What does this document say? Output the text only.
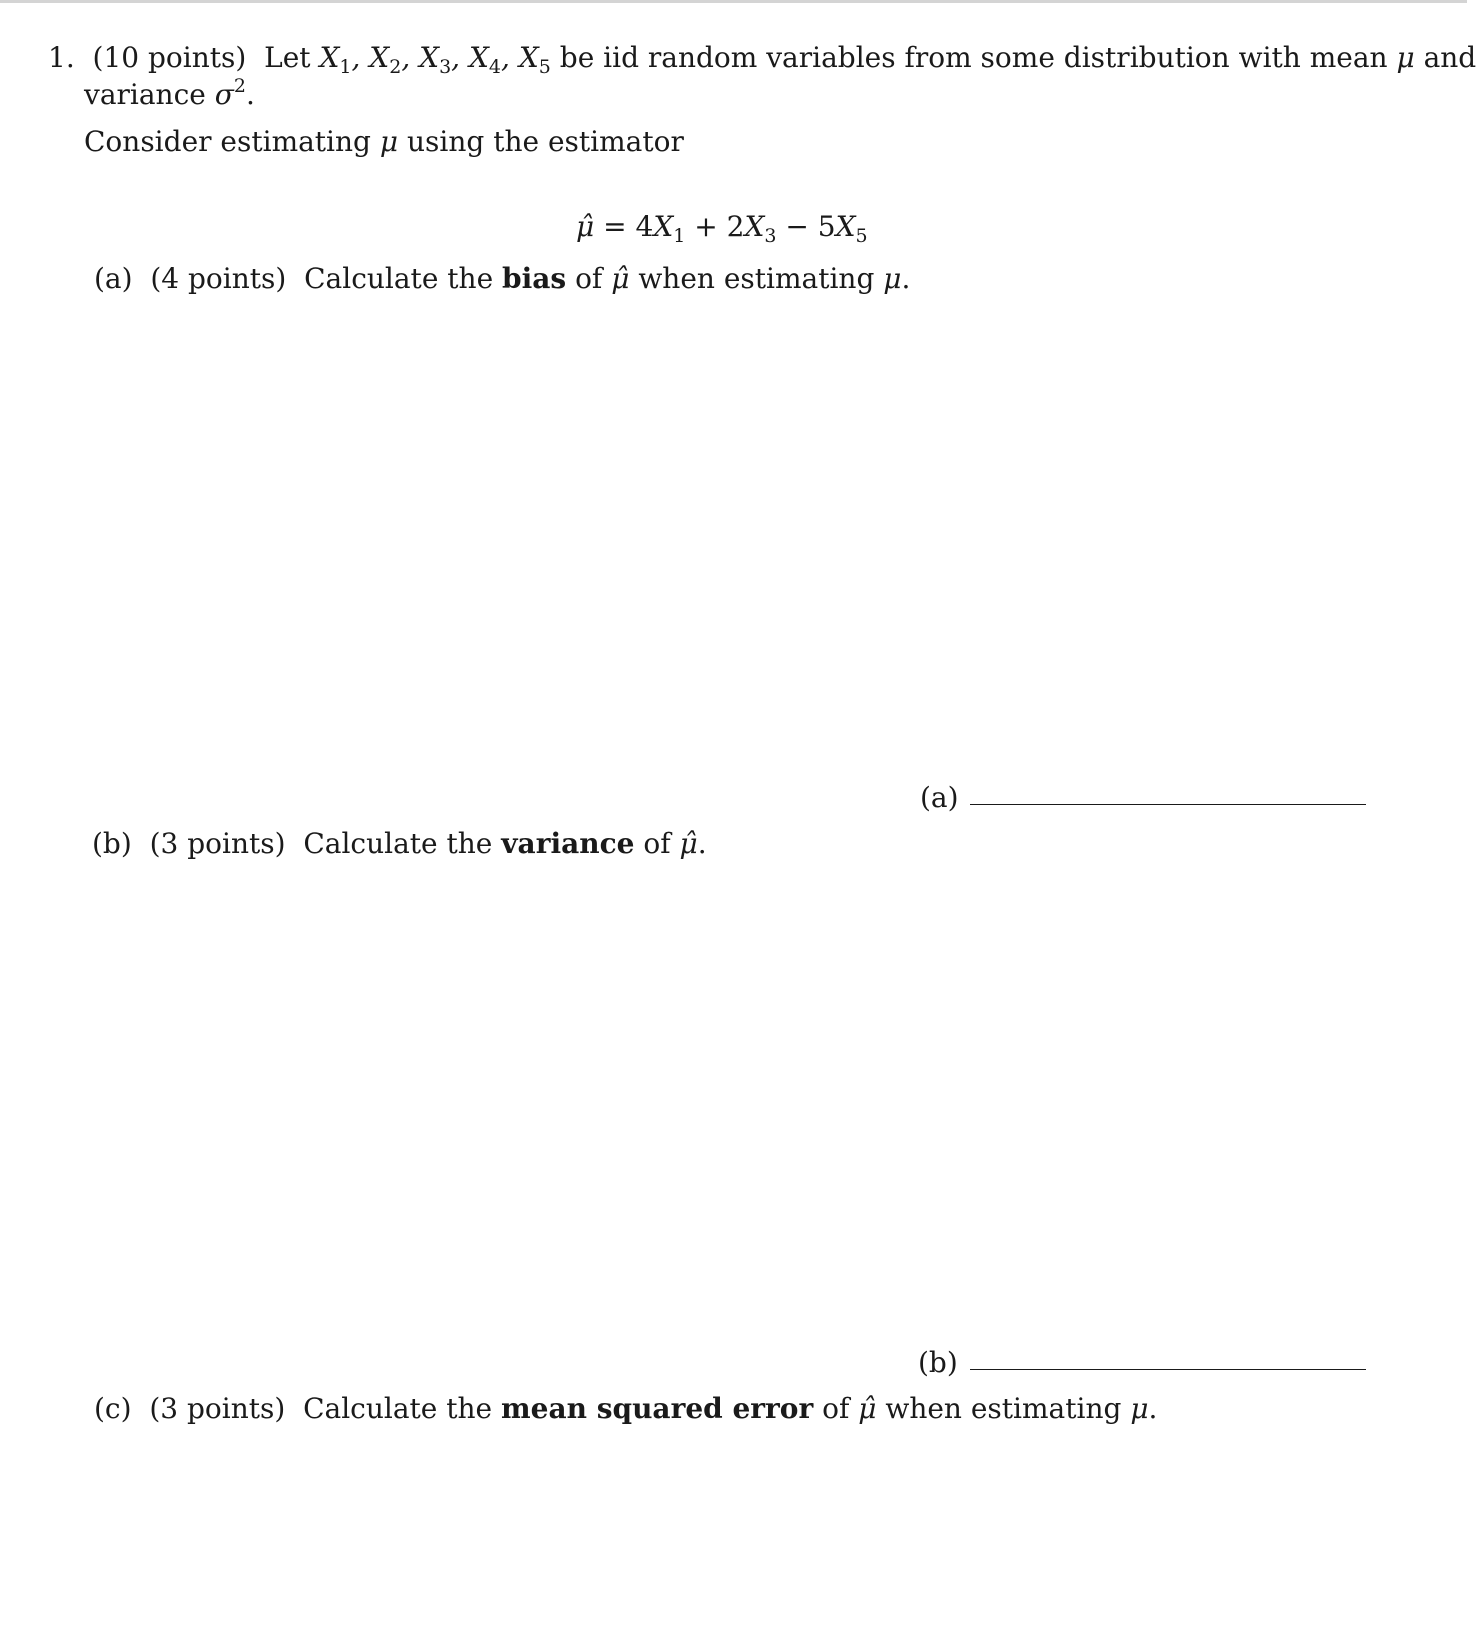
1. (10 points) Let $X_1$, $X_2$, $X_3$, $X_4$, $X_5$ be iid random variables from some distribution with mean μ and
variance $\sigma^2$.
Consider estimating μ using the estimator
μ̂ = $4X_1 + 2X_3 - 5X_5$
(a) (4 points) Calculate the bias of μ̂ when estimating μ.
(a)
(b) (3 points) Calculate the variance of μ̂.
(b)
(c) (3 points) Calculate the mean squared error of μ̂ when estimating μ.
